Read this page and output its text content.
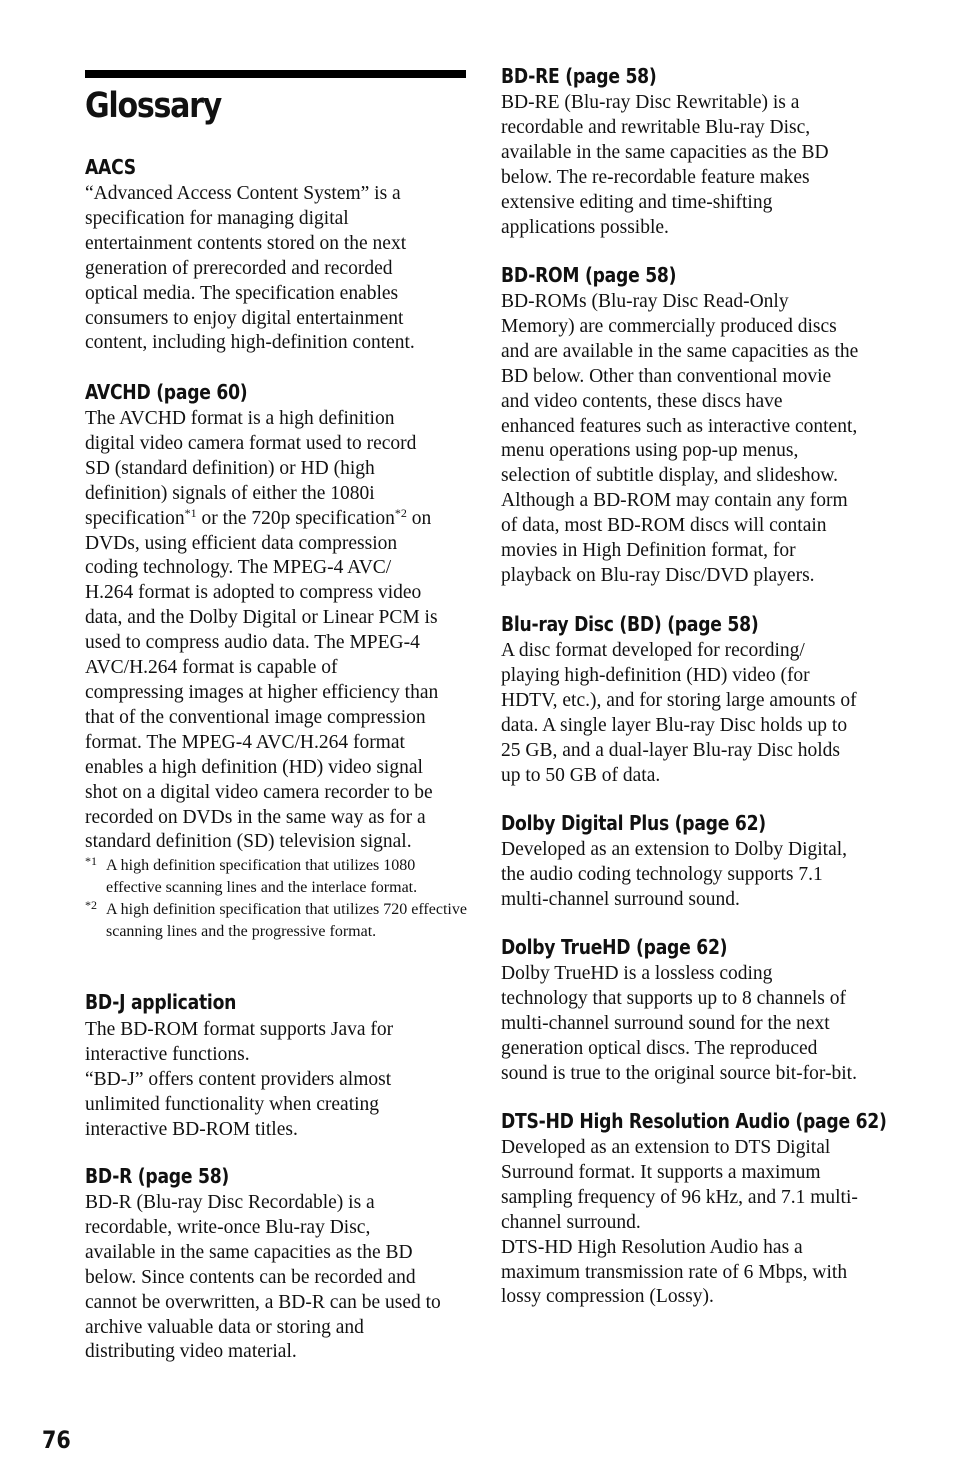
Glossary
AACS

“Advanced Access Content System” is a
specification for managing digital
entertainment contents stored on the next
generation of prerecorded and recorded
optical media. The specification enables
consumers to enjoy digital entertainment
content, including high-definition content.

AVCHD (page 60)

The AVCHD format is a high definition
digital video camera format used to record
SD (standard definition) or HD (high
definition) signals of either the 1080i
specification$^{*1}$ or the 720p specification$^{*2}$ on
DVDs, using efficient data compression
coding technology. The MPEG-4 AVC/
H.264 format is adopted to compress video
data, and the Dolby Digital or Linear PCM is
used to compress audio data. The MPEG-4
AVC/H.264 format is capable of
compressing images at higher efficiency than
that of the conventional image compression
format. The MPEG-4 AVC/H.264 format
enables a high definition (HD) video signal
shot on a digital video camera recorder to be
recorded on DVDs in the same way as for a
standard definition (SD) television signal.

*1 A high definition specification that utilizes 1080 effective scanning lines and the interlace format.
*2 A high definition specification that utilizes 720 effective scanning lines and the progressive format.
BD-J application

The BD-ROM format supports Java for
interactive functions.
“BD-J” offers content providers almost
unlimited functionality when creating
interactive BD-ROM titles.

BD-R (page 58)

BD-R (Blu-ray Disc Recordable) is a
recordable, write-once Blu-ray Disc,
available in the same capacities as the BD
below. Since contents can be recorded and
cannot be overwritten, a BD-R can be used to
archive valuable data or storing and
distributing video material.

BD-RE (page 58)

BD-RE (Blu-ray Disc Rewritable) is a
recordable and rewritable Blu-ray Disc,
available in the same capacities as the BD
below. The re-recordable feature makes
extensive editing and time-shifting
applications possible.

BD-ROM (page 58)

BD-ROMs (Blu-ray Disc Read-Only
Memory) are commercially produced discs
and are available in the same capacities as the
BD below. Other than conventional movie
and video contents, these discs have
enhanced features such as interactive content,
menu operations using pop-up menus,
selection of subtitle display, and slideshow.
Although a BD-ROM may contain any form
of data, most BD-ROM discs will contain
movies in High Definition format, for
playback on Blu-ray Disc/DVD players.

Blu-ray Disc (BD) (page 58)

A disc format developed for recording/
playing high-definition (HD) video (for
HDTV, etc.), and for storing large amounts of
data. A single layer Blu-ray Disc holds up to
25 GB, and a dual-layer Blu-ray Disc holds
up to 50 GB of data.

Dolby Digital Plus (page 62)

Developed as an extension to Dolby Digital,
the audio coding technology supports 7.1
multi-channel surround sound.

Dolby TrueHD (page 62)

Dolby TrueHD is a lossless coding
technology that supports up to 8 channels of
multi-channel surround sound for the next
generation optical discs. The reproduced
sound is true to the original source bit-for-bit.

DTS-HD High Resolution Audio (page 62)

Developed as an extension to DTS Digital
Surround format. It supports a maximum
sampling frequency of 96 kHz, and 7.1 multi-
channel surround.
DTS-HD High Resolution Audio has a
maximum transmission rate of 6 Mbps, with
lossy compression (Lossy).

76
